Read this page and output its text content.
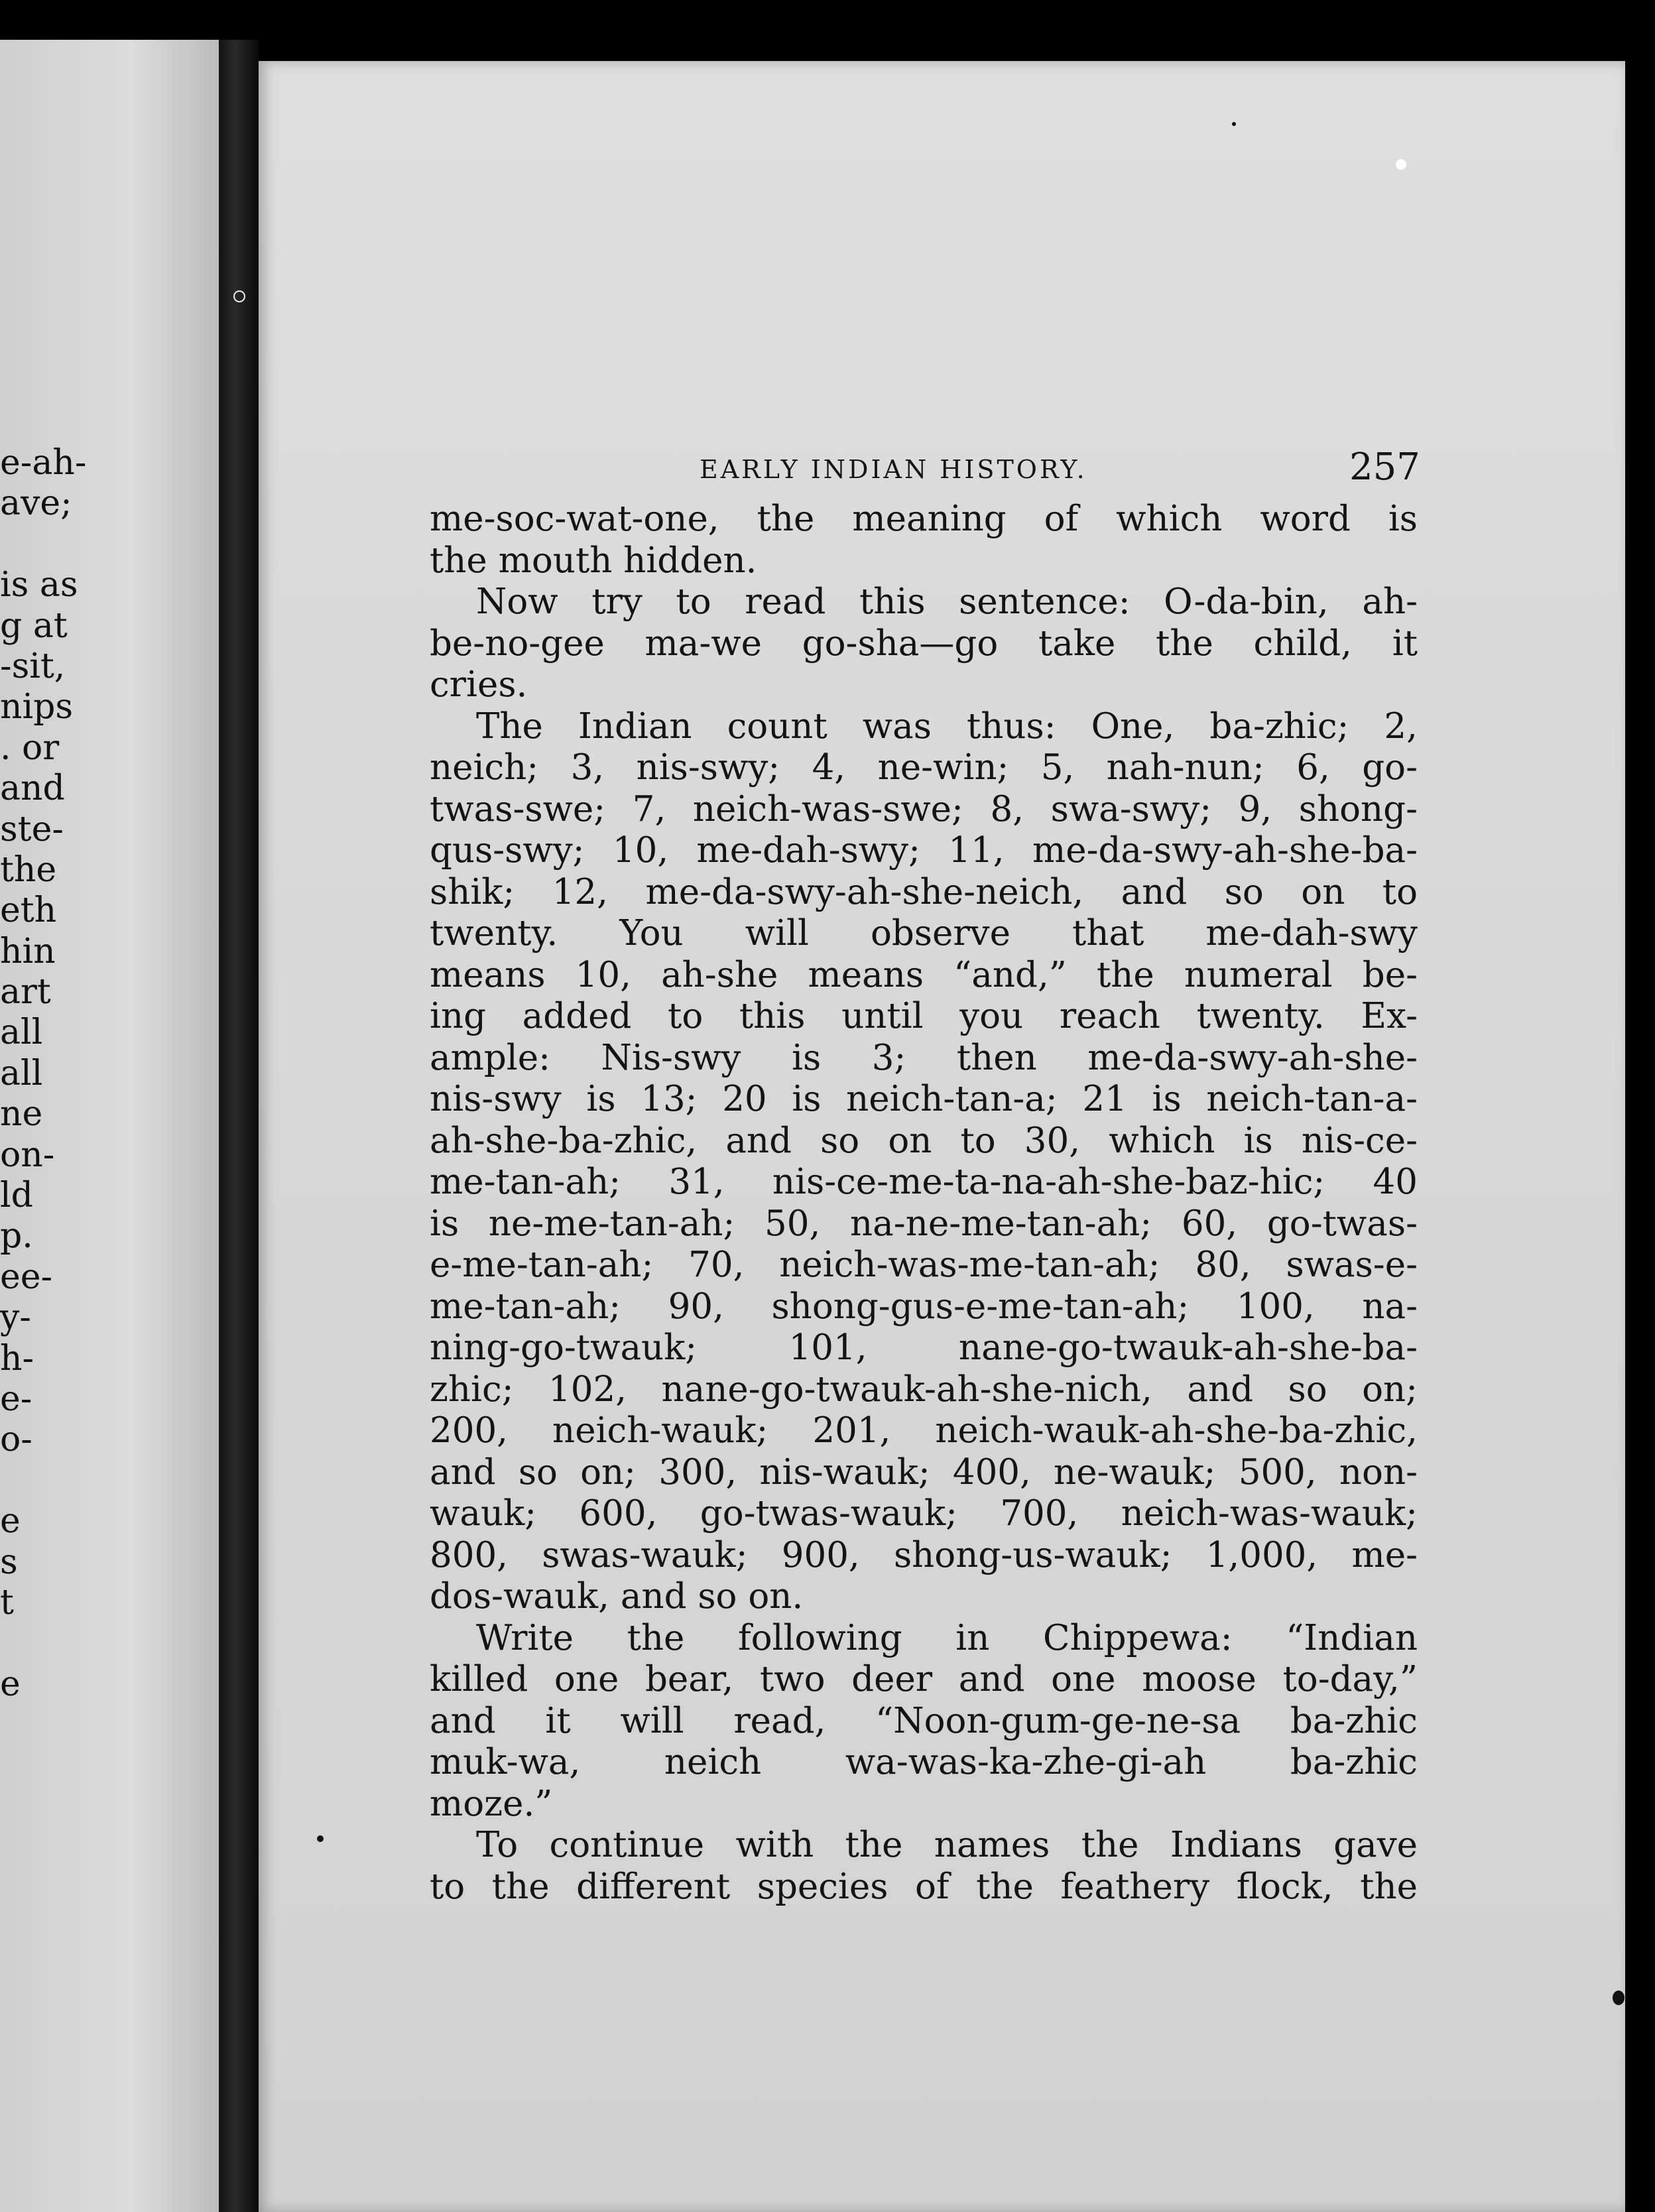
e-ah-
ave;
is as
g at
-sit,
nips
. or
and
ste-
the
eth
hin
art
all
all
ne
on-
ld
p.
ee-
y-
h-
e-
o-
e
s
t
e
EARLY INDIAN HISTORY.	257
me-soc-wat-one, the meaning of which word is
the mouth hidden.
Now try to read this sentence: O-da-bin, ah-
be-no-gee ma-we go-sha—go take the child, it
cries.
The Indian count was thus: One, ba-zhic; 2,
neich; 3, nis-swy; 4, ne-win; 5, nah-nun; 6, go-
twas-swe; 7, neich-was-swe; 8, swa-swy; 9, shong-
qus-swy; 10, me-dah-swy; 11, me-da-swy-ah-she-ba-
shik; 12, me-da-swy-ah-she-neich, and so on to
twenty. You will observe that me-dah-swy
means 10, ah-she means “and,” the numeral be-
ing added to this until you reach twenty. Ex-
ample: Nis-swy is 3; then me-da-swy-ah-she-
nis-swy is 13; 20 is neich-tan-a; 21 is neich-tan-a-
ah-she-ba-zhic, and so on to 30, which is nis-ce-
me-tan-ah; 31, nis-ce-me-ta-na-ah-she-baz-hic; 40
is ne-me-tan-ah; 50, na-ne-me-tan-ah; 60, go-twas-
e-me-tan-ah; 70, neich-was-me-tan-ah; 80, swas-e-
me-tan-ah; 90, shong-gus-e-me-tan-ah; 100, na-
ning-go-twauk; 101, nane-go-twauk-ah-she-ba-
zhic; 102, nane-go-twauk-ah-she-nich, and so on;
200, neich-wauk; 201, neich-wauk-ah-she-ba-zhic,
and so on; 300, nis-wauk; 400, ne-wauk; 500, non-
wauk; 600, go-twas-wauk; 700, neich-was-wauk;
800, swas-wauk; 900, shong-us-wauk; 1,000, me-
dos-wauk, and so on.
Write the following in Chippewa: “Indian
killed one bear, two deer and one moose to-day,”
and it will read, “Noon-gum-ge-ne-sa ba-zhic
muk-wa, neich wa-was-ka-zhe-gi-ah ba-zhic
moze.”
To continue with the names the Indians gave
to the different species of the feathery flock, the
